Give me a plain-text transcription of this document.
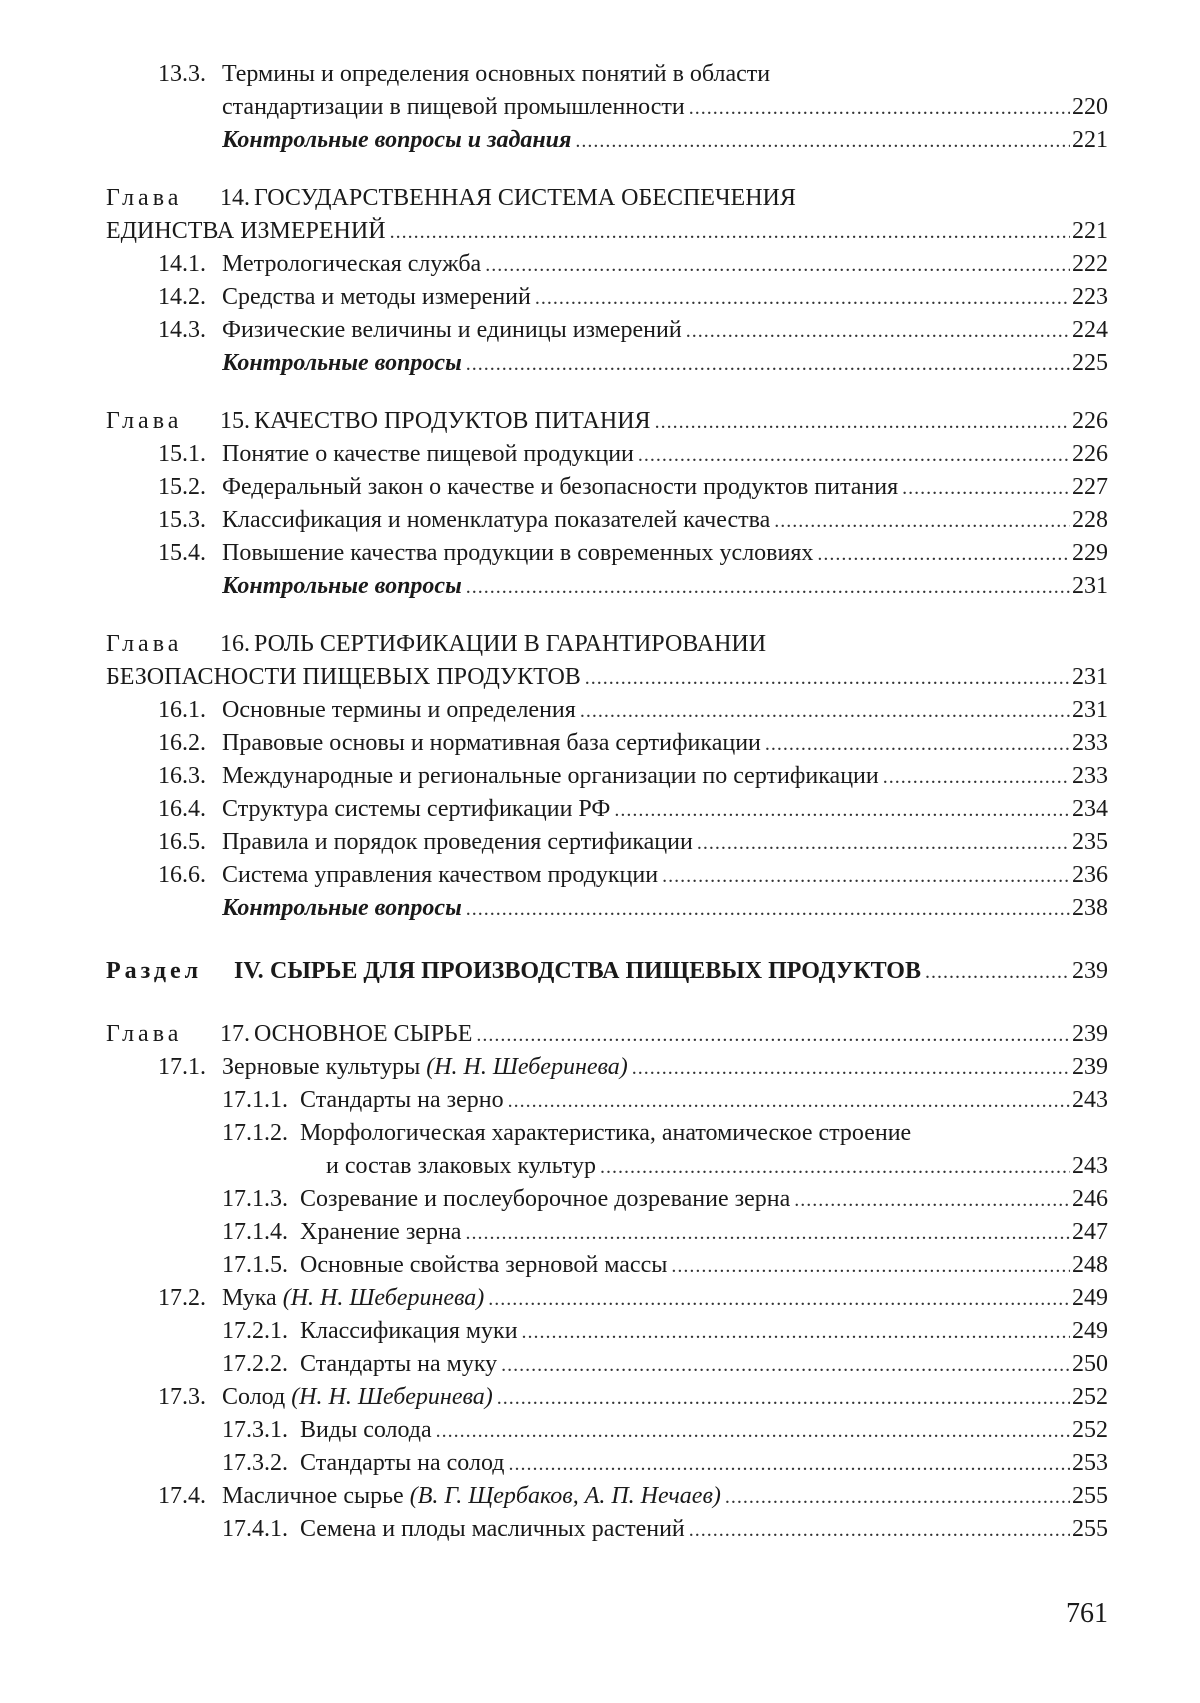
13.3. Термины и определения основных понятий в области
стандартизации в пищевой промышленности
.....	220
Контрольные вопросы и задания
.....	221
Глава 14. ГОСУДАРСТВЕННАЯ СИСТЕМА ОБЕСПЕЧЕНИЯ
ЕДИНСТВА ИЗМЕРЕНИЙ
.....	221
14.1. Метрологическая служба
.....	222
14.2. Средства и методы измерений
.....	223
14.3. Физические величины и единицы измерений
.....	224
Контрольные вопросы
.....	225
Глава 15. КАЧЕСТВО ПРОДУКТОВ ПИТАНИЯ
.....	226
15.1. Понятие о качестве пищевой продукции
.....	226
15.2. Федеральный закон о качестве и безопасности продуктов питания
.....	227
15.3. Классификация и номенклатура показателей качества
.....	228
15.4. Повышение качества продукции в современных условиях
.....	229
Контрольные вопросы
.....	231
Глава 16. РОЛЬ СЕРТИФИКАЦИИ В ГАРАНТИРОВАНИИ
БЕЗОПАСНОСТИ ПИЩЕВЫХ ПРОДУКТОВ
.....	231
16.1. Основные термины и определения
.....	231
16.2. Правовые основы и нормативная база сертификации
.....	233
16.3. Международные и региональные организации по сертификации
.....	233
16.4. Структура системы сертификации РФ
.....	234
16.5. Правила и порядок проведения сертификации
.....	235
16.6. Система управления качеством продукции
.....	236
Контрольные вопросы
.....	238
Раздел IV. СЫРЬЕ ДЛЯ ПРОИЗВОДСТВА ПИЩЕВЫХ ПРОДУКТОВ
.....	239
Глава 17. ОСНОВНОЕ СЫРЬЕ
.....	239
17.1. Зерновые культуры (Н. Н. Шеберинева)
.....	239
17.1.1. Стандарты на зерно
.....	243
17.1.2. Морфологическая характеристика, анатомическое строение
и состав злаковых культур
.....	243
17.1.3. Созревание и послеуборочное дозревание зерна
.....	246
17.1.4. Хранение зерна
.....	247
17.1.5. Основные свойства зерновой массы
.....	248
17.2. Мука (Н. Н. Шеберинева)
.....	249
17.2.1. Классификация муки
.....	249
17.2.2. Стандарты на муку
.....	250
17.3. Солод (Н. Н. Шеберинева)
.....	252
17.3.1. Виды солода
.....	252
17.3.2. Стандарты на солод
.....	253
17.4. Масличное сырье (В. Г. Щербаков, А. П. Нечаев)
.....	255
17.4.1. Семена и плоды масличных растений
.....	255
761
